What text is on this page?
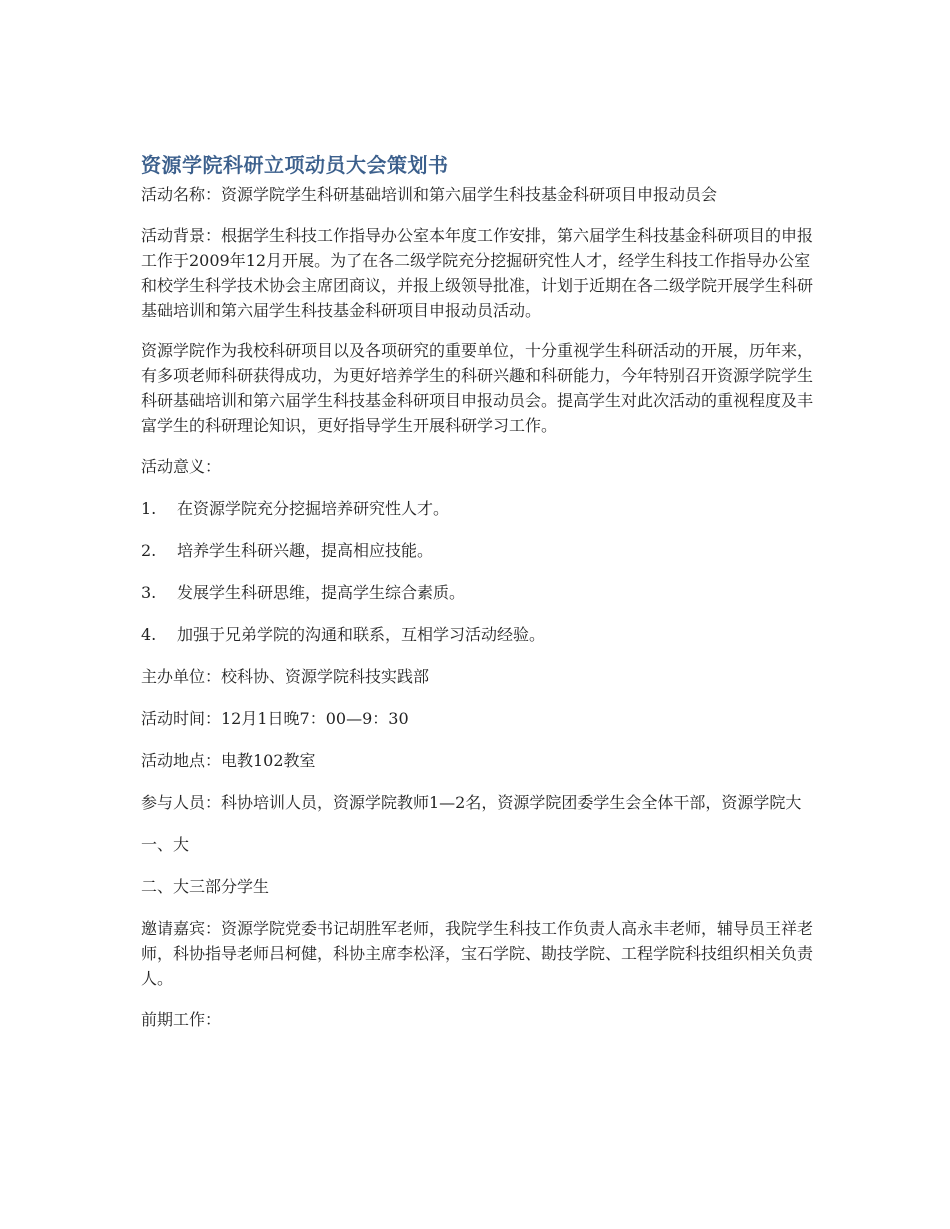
资源学院科研立项动员大会策划书

活动名称：资源学院学生科研基础培训和第六届学生科技基金科研项目申报动员会

活动背景：根据学生科技工作指导办公室本年度工作安排，第六届学生科技基金科研项目的申报工作于2009年12月开展。为了在各二级学院充分挖掘研究性人才，经学生科技工作指导办公室和校学生科学技术协会主席团商议，并报上级领导批准，计划于近期在各二级学院开展学生科研基础培训和第六届学生科技基金科研项目申报动员活动。

资源学院作为我校科研项目以及各项研究的重要单位，十分重视学生科研活动的开展，历年来，有多项老师科研获得成功，为更好培养学生的科研兴趣和科研能力，今年特别召开资源学院学生科研基础培训和第六届学生科技基金科研项目申报动员会。提高学生对此次活动的重视程度及丰富学生的科研理论知识，更好指导学生开展科研学习工作。

活动意义：

1.	在资源学院充分挖掘培养研究性人才。
2.	培养学生科研兴趣，提高相应技能。
3.	发展学生科研思维，提高学生综合素质。
4.	加强于兄弟学院的沟通和联系，互相学习活动经验。

主办单位：校科协、资源学院科技实践部

活动时间：12月1日晚7：00—9：30

活动地点：电教102教室

参与人员：科协培训人员，资源学院教师1—2名，资源学院团委学生会全体干部，资源学院大

一、大

二、大三部分学生

邀请嘉宾：资源学院党委书记胡胜军老师，我院学生科技工作负责人高永丰老师，辅导员王祥老师，科协指导老师吕柯健，科协主席李松泽，宝石学院、勘技学院、工程学院科技组织相关负责人。

前期工作：
